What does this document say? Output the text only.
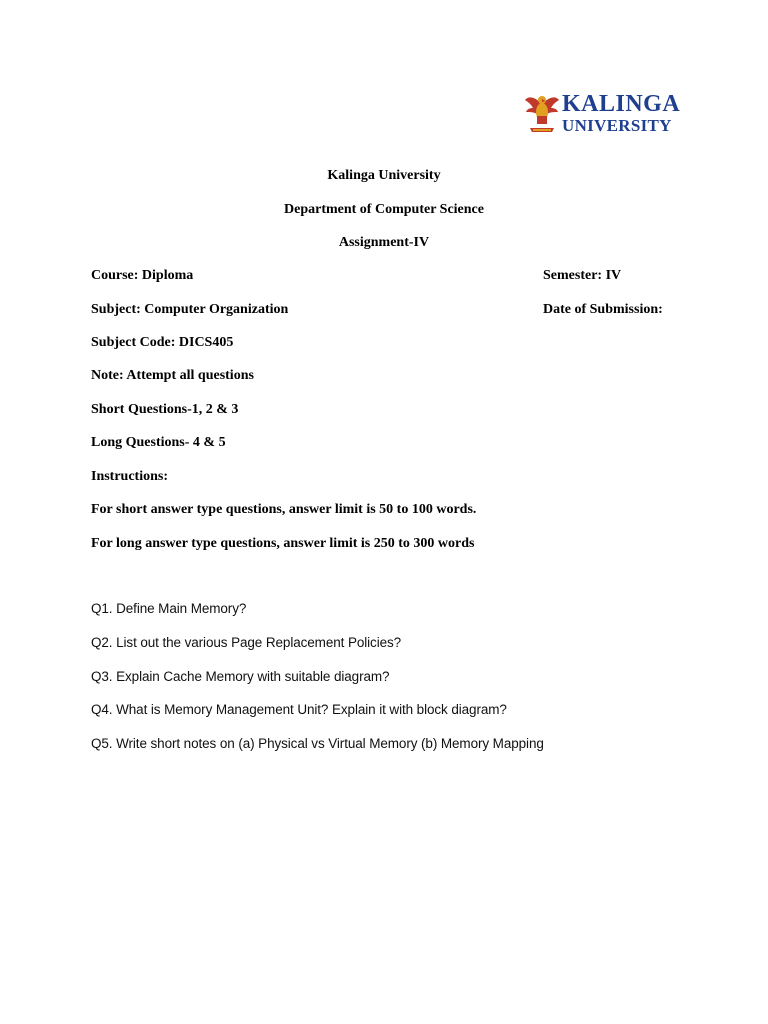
KALINGA
UNIVERSITY
Kalinga University
Department of Computer Science
Assignment-IV
Course: Diploma	Semester: IV
Subject: Computer Organization	Date of Submission:
Subject Code: DICS405
Note: Attempt all questions
Short Questions-1, 2 & 3
Long Questions- 4 & 5
Instructions:
For short answer type questions, answer limit is 50 to 100 words.
For long answer type questions, answer limit is 250 to 300 words
Q1. Define Main Memory?
Q2. List out the various Page Replacement Policies?
Q3. Explain Cache Memory with suitable diagram?
Q4. What is Memory Management Unit? Explain it with block diagram?
Q5. Write short notes on (a) Physical vs Virtual Memory (b) Memory Mapping
